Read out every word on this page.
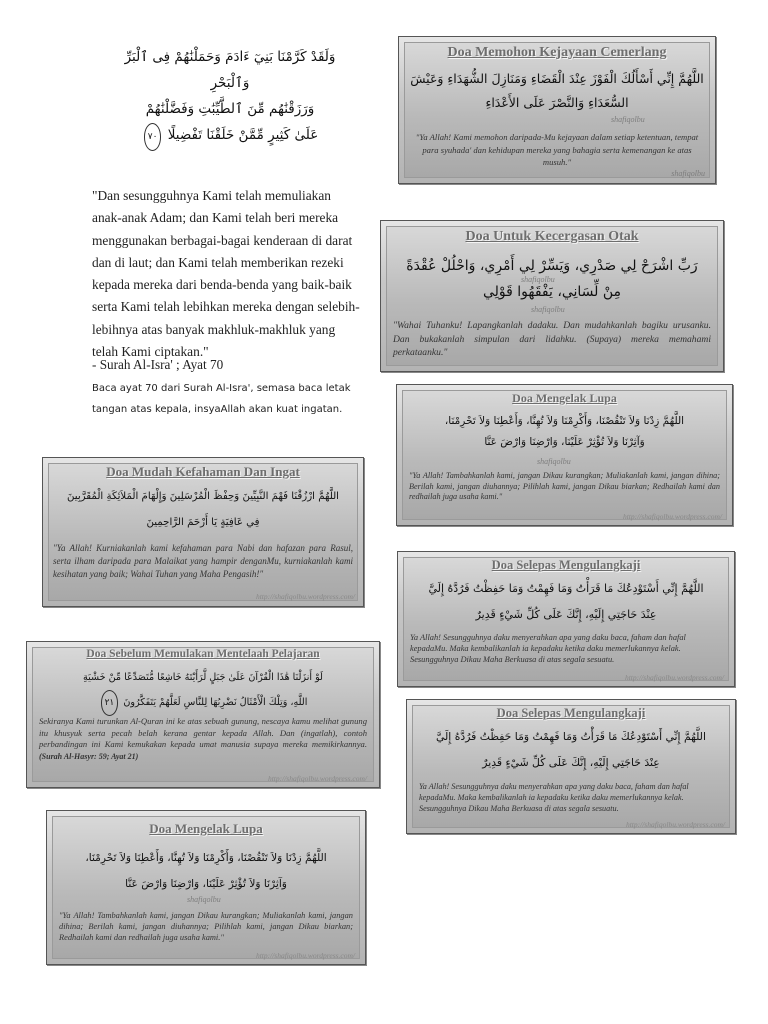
وَلَقَدْ كَرَّمْنَا بَنِيٓ ءَادَمَ وَحَمَلْنَٰهُمْ فِى ٱلْبَرِّ وَٱلْبَحْرِ
وَرَزَقْنَٰهُم مِّنَ ٱلطَّيِّبَٰتِ وَفَضَّلْنَٰهُمْ
عَلَىٰ كَثِيرٍ مِّمَّنْ خَلَقْنَا تَفْضِيلًا ٧٠
"Dan sesungguhnya Kami telah memuliakan anak-anak Adam; dan Kami telah beri mereka menggunakan berbagai-bagai kenderaan di darat dan di laut; dan Kami telah memberikan rezeki kepada mereka dari benda-benda yang baik-baik serta Kami telah lebihkan mereka dengan selebih-lebihnya atas banyak makhluk-makhluk yang telah Kami ciptakan."
- Surah Al-Isra' ; Ayat 70
Baca ayat 70 dari Surah Al-Isra', semasa baca letak tangan atas kepala, insyaAllah akan kuat ingatan.
Doa Memohon Kejayaan Cemerlang
اللَّهُمَّ إِنِّي أَسْأَلُكَ الْفَوْزَ عِنْدَ الْقَضَاءِ وَمَنَازِلَ الشُّهَدَاءِ وَعَيْشَ
السُّعَدَاءِ وَالنَّصْرَ عَلَى الأَعْدَاءِ
shafiqolbu
"Ya Allah! Kami memohon daripada-Mu kejayaan dalam setiap ketentuan, tempat para syuhada' dan kehidupan mereka yang bahagia serta kemenangan ke atas musuh."
shafiqolbu
Doa Untuk Kecergasan Otak
رَبِّ اشْرَحْ لِي صَدْرِي، وَيَسِّرْ لِي أَمْرِي، وَاحْلُلْ عُقْدَةً
مِنْ لِّسَانِي، يَفْقَهُوا قَوْلِي
shafiqolbu
shafiqolbu
"Wahai Tuhanku! Lapangkanlah dadaku. Dan mudahkanlah bagiku urusanku. Dan bukakanlah simpulan dari lidahku. (Supaya) mereka memahami perkataanku."
Doa Mengelak Lupa
اللَّهُمَّ زِدْنَا وَلاَ تَنْقُصْنَا، وَأَكْرِمْنَا وَلاَ تُهِنَّا، وَأَعْطِنَا وَلاَ تَحْرِمْنَا،
وَآثِرْنَا وَلاَ تُؤْثِرْ عَلَيْنَا، وَارْضِنَا وَارْضَ عَنَّا
shafiqolbu
"Ya Allah! Tambahkanlah kami, jangan Dikau kurangkan; Muliakanlah kami, jangan dihina; Berilah kami, jangan diuhannya; Pilihlah kami, jangan Dikau biarkan; Redhailah kami dan redhailah juga usaha kami."
http://shafiqolbu.wordpress.com/
Doa Mudah Kefahaman Dan Ingat
اللَّهُمَّ ارْزُقْنَا فَهْمَ النَّبِيِّينَ وَحِفْظَ الْمُرْسَلِينَ وَإِلْهَامَ الْمَلاَئِكَةِ الْمُقَرَّبِينَ
فِي عَافِيَةٍ يَا أَرْحَمَ الرَّاحِمِينَ
"Ya Allah! Kurniakanlah kami kefahaman para Nabi dan hafazan para Rasul, serta ilham daripada para Malaikat yang hampir denganMu, kurniakanlah kami kesihatan yang baik; Wahai Tuhan yang Maha Pengasih!"
http://shafiqolbu.wordpress.com/
Doa Selepas Mengulangkaji
اللَّهُمَّ إِنِّي أَسْتَوْدِعُكَ مَا قَرَأْتُ وَمَا فَهِمْتُ وَمَا حَفِظْتُ فَرُدَّهُ إِلَيَّ
عِنْدَ حَاجَتِي إِلَيْهِ، إِنَّكَ عَلَى كُلِّ شَيْءٍ قَدِيرٌ
Ya Allah! Sesungguhnya daku menyerahkan apa yang daku baca, faham dan hafal kepadaMu. Maka kembalikanlah ia kepadaku ketika daku memerlukannya kelak. Sesungguhnya Dikau Maha Berkuasa di atas segala sesuatu.
http://shafiqolbu.wordpress.com/
Doa Sebelum Memulakan Mentelaah Pelajaran
لَوْ أَنزَلْنَا هَٰذَا الْقُرْآنَ عَلَىٰ جَبَلٍ لَّرَأَيْتَهُ خَاشِعًا مُّتَصَدِّعًا مِّنْ خَشْيَةِ
اللَّهِ، وَتِلْكَ الْأَمْثَالُ نَضْرِبُهَا لِلنَّاسِ لَعَلَّهُمْ يَتَفَكَّرُونَ ٢١
Sekiranya Kami turunkan Al-Quran ini ke atas sebuah gunung, nescaya kamu melihat gunung itu khusyuk serta pecah belah kerana gentar kepada Allah. Dan (ingatlah), contoh perbandingan ini Kami kemukakan kepada umat manusia supaya mereka memikirkannya. (Surah Al-Hasyr: 59; Ayat 21)
http://shafiqolbu.wordpress.com/
Doa Selepas Mengulangkaji
اللَّهُمَّ إِنِّي أَسْتَوْدِعُكَ مَا قَرَأْتُ وَمَا فَهِمْتُ وَمَا حَفِظْتُ فَرُدَّهُ إِلَيَّ
عِنْدَ حَاجَتِي إِلَيْهِ، إِنَّكَ عَلَى كُلِّ شَيْءٍ قَدِيرٌ
Ya Allah! Sesungguhnya daku menyerahkan apa yang daku baca, faham dan hafal kepadaMu. Maka kembalikanlah ia kepadaku ketika daku memerlukannya kelak. Sesungguhnya Dikau Maha Berkuasa di atas segala sesuatu.
http://shafiqolbu.wordpress.com/
Doa Mengelak Lupa
اللَّهُمَّ زِدْنَا وَلاَ تَنْقُصْنَا، وَأَكْرِمْنَا وَلاَ تُهِنَّا، وَأَعْطِنَا وَلاَ تَحْرِمْنَا،
وَآثِرْنَا وَلاَ تُؤْثِرْ عَلَيْنَا، وَارْضِنَا وَارْضَ عَنَّا
shafiqolbu
"Ya Allah! Tambahkanlah kami, jangan Dikau kurangkan; Muliakanlah kami, jangan dihina; Berilah kami, jangan diuhannya; Pilihlah kami, jangan Dikau biarkan; Redhailah kami dan redhailah juga usaha kami."
http://shafiqolbu.wordpress.com/
